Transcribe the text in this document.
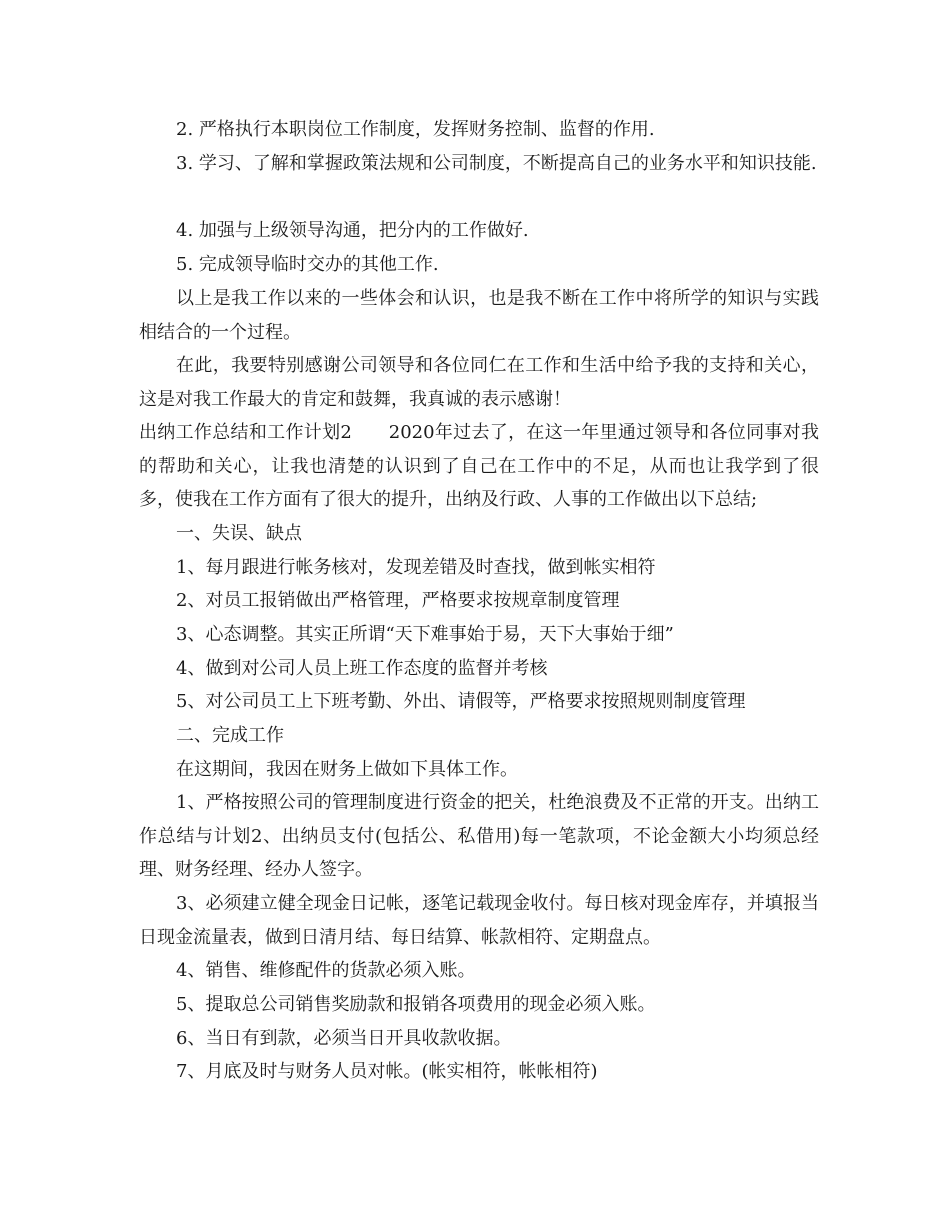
2. 严格执行本职岗位工作制度，发挥财务控制、监督的作用.

3. 学习、了解和掌握政策法规和公司制度，不断提高自己的业务水平和知识技能.

4. 加强与上级领导沟通，把分内的工作做好.

5. 完成领导临时交办的其他工作.

以上是我工作以来的一些体会和认识，也是我不断在工作中将所学的知识与实践相结合的一个过程。

在此，我要特别感谢公司领导和各位同仁在工作和生活中给予我的支持和关心，这是对我工作最大的肯定和鼓舞，我真诚的表示感谢！

出纳工作总结和工作计划2　　2020年过去了，在这一年里通过领导和各位同事对我的帮助和关心，让我也清楚的认识到了自己在工作中的不足，从而也让我学到了很多，使我在工作方面有了很大的提升，出纳及行政、人事的工作做出以下总结;

一、失误、缺点

1、每月跟进行帐务核对，发现差错及时查找，做到帐实相符

2、对员工报销做出严格管理，严格要求按规章制度管理

3、心态调整。其实正所谓“天下难事始于易，天下大事始于细”

4、做到对公司人员上班工作态度的监督并考核

5、对公司员工上下班考勤、外出、请假等，严格要求按照规则制度管理

二、完成工作

在这期间，我因在财务上做如下具体工作。

1、严格按照公司的管理制度进行资金的把关，杜绝浪费及不正常的开支。出纳工作总结与计划2、出纳员支付(包括公、私借用)每一笔款项，不论金额大小均须总经理、财务经理、经办人签字。

3、必须建立健全现金日记帐，逐笔记载现金收付。每日核对现金库存，并填报当日现金流量表，做到日清月结、每日结算、帐款相符、定期盘点。

4、销售、维修配件的货款必须入账。

5、提取总公司销售奖励款和报销各项费用的现金必须入账。

6、当日有到款，必须当日开具收款收据。

7、月底及时与财务人员对帐。(帐实相符，帐帐相符)
